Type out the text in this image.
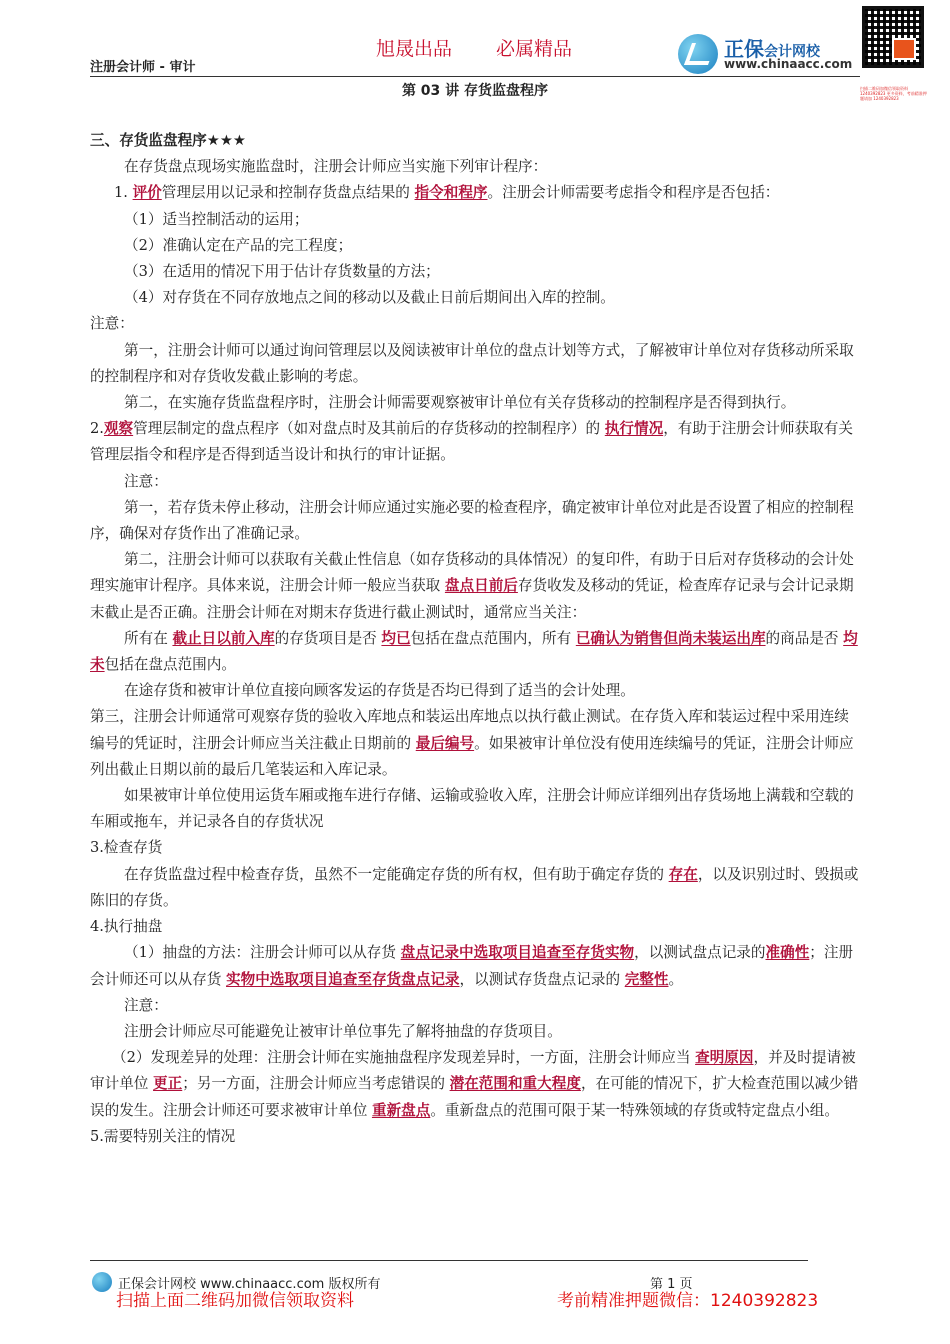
注册会计师 - 审计
旭晟出品 必属精品	正保会计网校
www.chinaacc.com
扫描二维码加微信领取资料 1240392823 更多资料，考前精准押题请加 1240392823
第 03 讲 存货监盘程序

三、存货监盘程序★★★

在存货盘点现场实施监盘时，注册会计师应当实施下列审计程序：

1. 评价管理层用以记录和控制存货盘点结果的 指令和程序。注册会计师需要考虑指令和程序是否包括：

（1）适当控制活动的运用；

（2）准确认定在产品的完工程度；

（3）在适用的情况下用于估计存货数量的方法；

（4）对存货在不同存放地点之间的移动以及截止日前后期间出入库的控制。

注意：

第一，注册会计师可以通过询问管理层以及阅读被审计单位的盘点计划等方式，了解被审计单位对存货移动所采取的控制程序和对存货收发截止影响的考虑。

第二，在实施存货监盘程序时，注册会计师需要观察被审计单位有关存货移动的控制程序是否得到执行。

2.观察管理层制定的盘点程序（如对盘点时及其前后的存货移动的控制程序）的 执行情况，有助于注册会计师获取有关管理层指令和程序是否得到适当设计和执行的审计证据。

注意：

第一，若存货未停止移动，注册会计师应通过实施必要的检查程序，确定被审计单位对此是否设置了相应的控制程序，确保对存货作出了准确记录。

第二，注册会计师可以获取有关截止性信息（如存货移动的具体情况）的复印件，有助于日后对存货移动的会计处理实施审计程序。具体来说，注册会计师一般应当获取 盘点日前后存货收发及移动的凭证，检查库存记录与会计记录期末截止是否正确。注册会计师在对期末存货进行截止测试时，通常应当关注：

所有在 截止日以前入库的存货项目是否 均已包括在盘点范围内，所有 已确认为销售但尚未装运出库的商品是否 均未包括在盘点范围内。

在途存货和被审计单位直接向顾客发运的存货是否均已得到了适当的会计处理。

第三，注册会计师通常可观察存货的验收入库地点和装运出库地点以执行截止测试。在存货入库和装运过程中采用连续编号的凭证时，注册会计师应当关注截止日期前的 最后编号。如果被审计单位没有使用连续编号的凭证，注册会计师应列出截止日期以前的最后几笔装运和入库记录。

如果被审计单位使用运货车厢或拖车进行存储、运输或验收入库，注册会计师应详细列出存货场地上满载和空载的车厢或拖车，并记录各自的存货状况

3.检查存货

在存货监盘过程中检查存货，虽然不一定能确定存货的所有权，但有助于确定存货的 存在，以及识别过时、毁损或陈旧的存货。

4.执行抽盘

（1）抽盘的方法：注册会计师可以从存货 盘点记录中选取项目追查至存货实物，以测试盘点记录的准确性；注册会计师还可以从存货 实物中选取项目追查至存货盘点记录，以测试存货盘点记录的 完整性。

注意：

注册会计师应尽可能避免让被审计单位事先了解将抽盘的存货项目。

（2）发现差异的处理：注册会计师在实施抽盘程序发现差异时，一方面，注册会计师应当 查明原因，并及时提请被审计单位 更正；另一方面，注册会计师应当考虑错误的 潜在范围和重大程度，在可能的情况下，扩大检查范围以减少错误的发生。注册会计师还可要求被审计单位 重新盘点。重新盘点的范围可限于某一特殊领域的存货或特定盘点小组。

5.需要特别关注的情况

正保会计网校 www.chinaacc.com 版权所有	第 1 页
扫描上面二维码加微信领取资料	考前精准押题微信：1240392823
